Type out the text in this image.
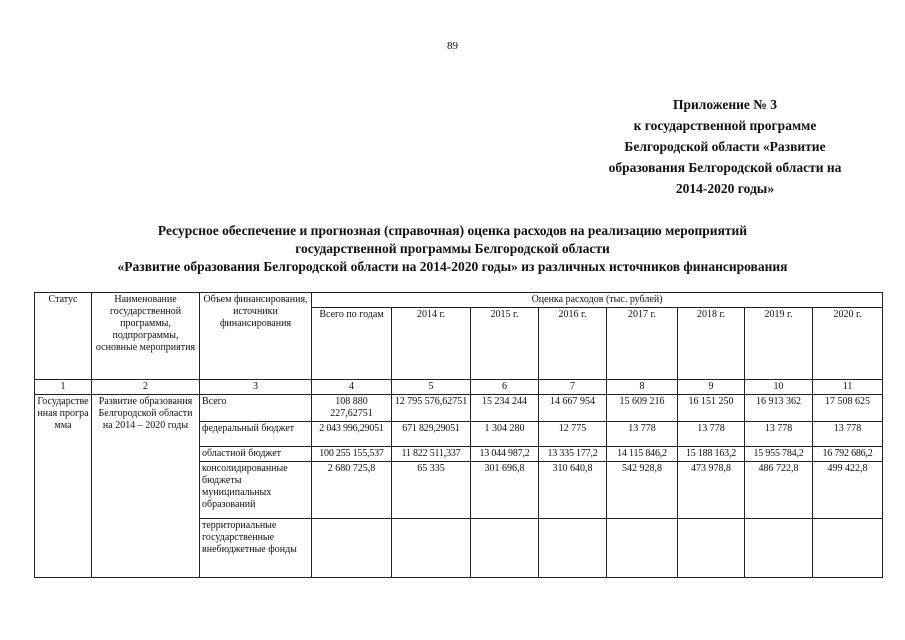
89
Приложение № 3
к государственной программе
Белгородской области «Развитие
образования Белгородской области на
2014-2020 годы»
Ресурсное обеспечение и прогнозная (справочная) оценка расходов на реализацию мероприятий
государственной программы Белгородской области
«Развитие образования Белгородской области на 2014-2020 годы» из различных источников финансирования
Статус	Наименование государственной программы, подпрограммы, основные мероприятия	Объем финансирования, источники финансирования	Оценка расходов (тыс. рублей)							
			Всего по годам	2014 г.	2015 г.	2016 г.	2017 г.	2018 г.	2019 г.	2020 г.
1	2	3	4	5	6	7	8	9	10	11
Государственная программа	Развитие образования Белгородской области на 2014 – 2020 годы	Всего	108 880 227,62751	12 795 576,62751	15 234 244	14 667 954	15 609 216	16 151 250	16 913 362	17 508 625
		федеральный бюджет	2 043 996,29051	671 829,29051	1 304 280	12 775	13 778	13 778	13 778	13 778
		областной бюджет	100 255 155,537	11 822 511,337	13 044 987,2	13 335 177,2	14 115 846,2	15 188 163,2	15 955 784,2	16 792 686,2
		консолидированные бюджеты муниципальных образований	2 680 725,8	65 335	301 696,8	310 640,8	542 928,8	473 978,8	486 722,8	499 422,8
		территориальные государственные внебюджетные фонды								
